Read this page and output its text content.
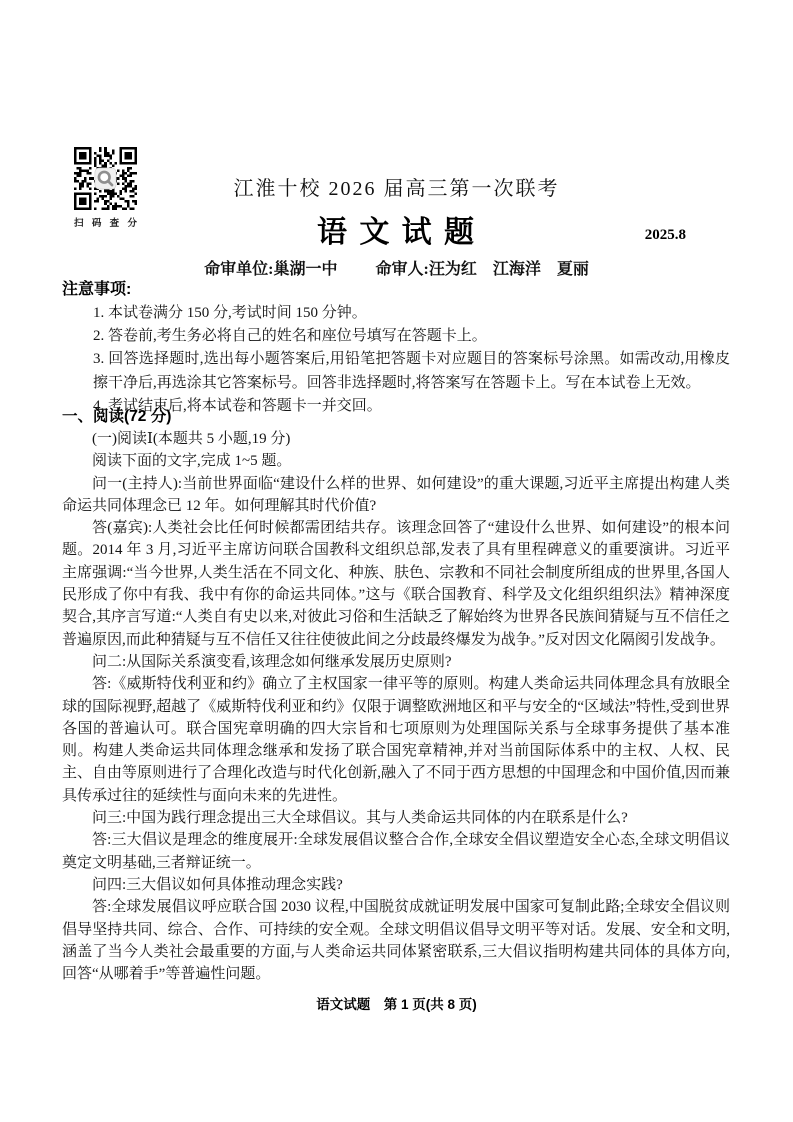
扫 码 查 分
江淮十校 2026 届高三第一次联考
语 文 试 题	2025.8
命审单位:巢湖一中 命审人:汪为红　江海洋　夏丽
注意事项:
1. 本试卷满分 150 分,考试时间 150 分钟。
2. 答卷前,考生务必将自己的姓名和座位号填写在答题卡上。
3. 回答选择题时,选出每小题答案后,用铅笔把答题卡对应题目的答案标号涂黑。如需改动,用橡皮擦干净后,再选涂其它答案标号。回答非选择题时,将答案写在答题卡上。写在本试卷上无效。
4. 考试结束后,将本试卷和答题卡一并交回。
一、阅读(72 分)

(一)阅读Ⅰ(本题共 5 小题,19 分)

阅读下面的文字,完成 1~5 题。

问一(主持人):当前世界面临“建设什么样的世界、如何建设”的重大课题,习近平主席提出构建人类命运共同体理念已 12 年。如何理解其时代价值?

答(嘉宾):人类社会比任何时候都需团结共存。该理念回答了“建设什么世界、如何建设”的根本问题。2014 年 3 月,习近平主席访问联合国教科文组织总部,发表了具有里程碑意义的重要演讲。习近平主席强调:“当今世界,人类生活在不同文化、种族、肤色、宗教和不同社会制度所组成的世界里,各国人民形成了你中有我、我中有你的命运共同体。”这与《联合国教育、科学及文化组织组织法》精神深度契合,其序言写道:“人类自有史以来,对彼此习俗和生活缺乏了解始终为世界各民族间猜疑与互不信任之普遍原因,而此种猜疑与互不信任又往往使彼此间之分歧最终爆发为战争。”反对因文化隔阂引发战争。

问二:从国际关系演变看,该理念如何继承发展历史原则?

答:《威斯特伐利亚和约》确立了主权国家一律平等的原则。构建人类命运共同体理念具有放眼全球的国际视野,超越了《威斯特伐利亚和约》仅限于调整欧洲地区和平与安全的“区域法”特性,受到世界各国的普遍认可。联合国宪章明确的四大宗旨和七项原则为处理国际关系与全球事务提供了基本准则。构建人类命运共同体理念继承和发扬了联合国宪章精神,并对当前国际体系中的主权、人权、民主、自由等原则进行了合理化改造与时代化创新,融入了不同于西方思想的中国理念和中国价值,因而兼具传承过往的延续性与面向未来的先进性。

问三:中国为践行理念提出三大全球倡议。其与人类命运共同体的内在联系是什么?

答:三大倡议是理念的维度展开:全球发展倡议整合合作,全球安全倡议塑造安全心态,全球文明倡议奠定文明基础,三者辩证统一。

问四:三大倡议如何具体推动理念实践?

答:全球发展倡议呼应联合国 2030 议程,中国脱贫成就证明发展中国家可复制此路;全球安全倡议则倡导坚持共同、综合、合作、可持续的安全观。全球文明倡议倡导文明平等对话。发展、安全和文明,涵盖了当今人类社会最重要的方面,与人类命运共同体紧密联系,三大倡议指明构建共同体的具体方向,回答“从哪着手”等普遍性问题。

语文试题　第 1 页(共 8 页)
